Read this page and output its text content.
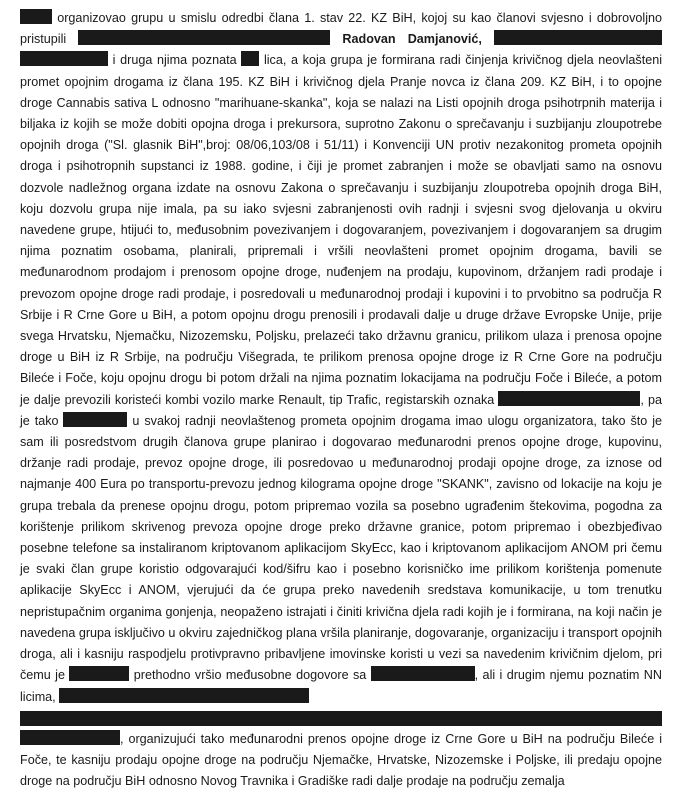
organizovao grupu u smislu odredbi člana 1. stav 22. KZ BiH, kojoj su kao članovi svjesno i dobrovoljno pristupili	Radovan Damjanović,   i druga njima poznata lica, a koja grupa je formirana radi činjenja krivičnog djela neovlašteni promet opojnim drogama iz člana 195. KZ BiH i krivičnog djela Pranje novca iz člana 209. KZ BiH, i to opojne droge Cannabis sativa L odnosno "marihuane-skanka", koja se nalazi na Listi opojnih droga psihotrpnih materija i biljaka iz kojih se može dobiti opojna droga i prekursora, suprotno Zakonu o sprečavanju i suzbijanju zloupotrebe opojnih droga ("Sl. glasnik BiH",broj: 08/06,103/08 i 51/11) i Konvenciji UN protiv nezakonitog prometa opojnih droga i psihotropnih supstanci iz 1988. godine, i čiji je promet zabranjen i može se obavljati samo na osnovu dozvole nadležnog organa izdate na osnovu Zakona o sprečavanju i suzbijanju zloupotreba opojnih droga BiH, koju dozvolu grupa nije imala, pa su iako svjesni zabranjenosti ovih radnji i svjesni svog djelovanja u okviru navedene grupe, htijući to, međusobnim povezivanjem i dogovaranjem, povezivanjem i dogovaranjem sa drugim njima poznatim osobama, planirali, pripremali i vršili neovlašteni promet opojnim drogama, bavili se međunarodnom prodajom i prenosom opojne droge, nuđenjem na prodaju, kupovinom, držanjem radi prodaje i prevozom opojne droge radi prodaje, i posredovali u međunarodnoj prodaji i kupovini i to prvobitno sa područja R Srbije i R Crne Gore u BiH, a potom opojnu drogu prenosili i prodavali dalje u druge države Evropske Unije, prije svega Hrvatsku, Njemačku, Nizozemsku, Poljsku, prelazeći tako državnu granicu, prilikom ulaza i prenosa opojne droge u BiH iz R Srbije, na području Višegrada, te prilikom prenosa opojne droge iz R Crne Gore na području Bileće i Foče, koju opojnu drogu bi potom držali na njima poznatim lokacijama na području Foče i Bileće, a potom je dalje prevozili koristeći kombi vozilo marke Renault, tip Trafic, registarskih oznaka	, pa je tako	u svakoj radnji neovlaštenog prometa opojnim drogama imao ulogu organizatora, tako što je sam ili posredstvom drugih članova grupe planirao i dogovarao međunarodni prenos opojne droge, kupovinu, držanje radi prodaje, prevoz opojne droge, ili posredovao u međunarodnoj prodaji opojne droge, za iznose od najmanje 400 Eura po transportu-prevozu jednog kilograma opojne droge "SKANK", zavisno od lokacije na koju je grupa trebala da prenese opojnu drogu, potom pripremao vozila sa posebno ugrađenim štekovima, pogodna za korištenje prilikom skrivenog prevoza opojne droge preko državne granice, potom pripremao i obezbjeđivao posebne telefone sa instaliranom kriptovanom aplikacijom SkyEcc, kao i kriptovanom aplikacijom ANOM pri čemu je svaki član grupe koristio odgovarajući kod/šifru kao i posebno korisničko ime prilikom korištenja pomenute aplikacije SkyEcc i ANOM, vjerujući da će grupa preko navedenih sredstava komunikacije, u tom trenutku nepristupačnim organima gonjenja, neopaženo istrajati i činiti krivična djela radi kojih je i formirana, na koji način je navedena grupa isključivo u okviru zajedničkog plana vršila planiranje, dogovaranje, organizaciju i transport opojnih droga, ali i kasniju raspodjelu protivpravno pribavljene imovinske koristi u vezi sa navedenim krivičnim djelom, pri čemu je	prethodno vršio međusobne dogovore sa	, ali i drugim njemu poznatim NN licima,
, organizujući tako međunarodni prenos opojne droge iz Crne Gore u BiH na području Bileće i Foče, te kasniju prodaju opojne droge na području Njemačke, Hrvatske, Nizozemske i Poljske, ili predaju opojne droge na području BiH odnosno Novog Travnika i Gradiške radi dalje prodaje na području zemalja
